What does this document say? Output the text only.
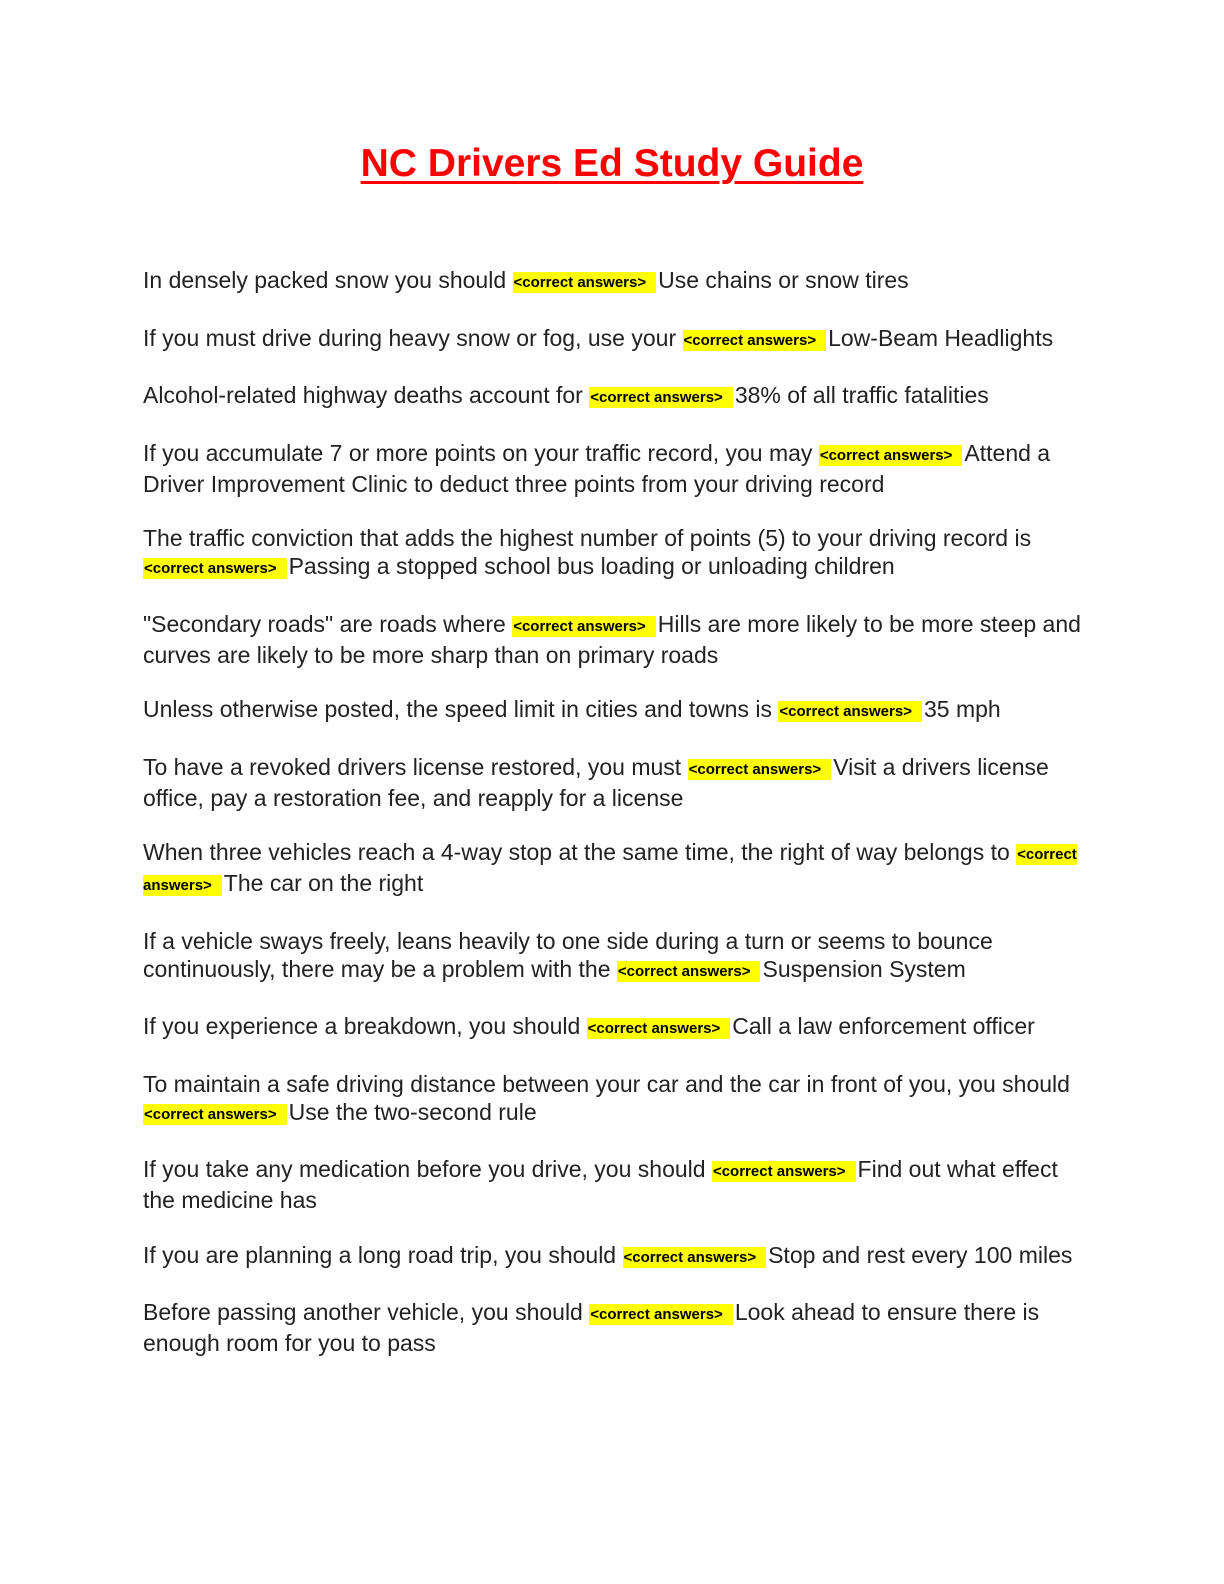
NC Drivers Ed Study Guide
In densely packed snow you should <correct answers> Use chains or snow tires
If you must drive during heavy snow or fog, use your <correct answers> Low-Beam Headlights
Alcohol-related highway deaths account for <correct answers> 38% of all traffic fatalities
If you accumulate 7 or more points on your traffic record, you may <correct answers> Attend a Driver Improvement Clinic to deduct three points from your driving record
The traffic conviction that adds the highest number of points (5) to your driving record is <correct answers> Passing a stopped school bus loading or unloading children
"Secondary roads" are roads where <correct answers> Hills are more likely to be more steep and curves are likely to be more sharp than on primary roads
Unless otherwise posted, the speed limit in cities and towns is <correct answers> 35 mph
To have a revoked drivers license restored, you must <correct answers> Visit a drivers license office, pay a restoration fee, and reapply for a license
When three vehicles reach a 4-way stop at the same time, the right of way belongs to <correct answers> The car on the right
If a vehicle sways freely, leans heavily to one side during a turn or seems to bounce continuously, there may be a problem with the <correct answers> Suspension System
If you experience a breakdown, you should <correct answers> Call a law enforcement officer
To maintain a safe driving distance between your car and the car in front of you, you should <correct answers> Use the two-second rule
If you take any medication before you drive, you should <correct answers> Find out what effect the medicine has
If you are planning a long road trip, you should <correct answers> Stop and rest every 100 miles
Before passing another vehicle, you should <correct answers> Look ahead to ensure there is enough room for you to pass
